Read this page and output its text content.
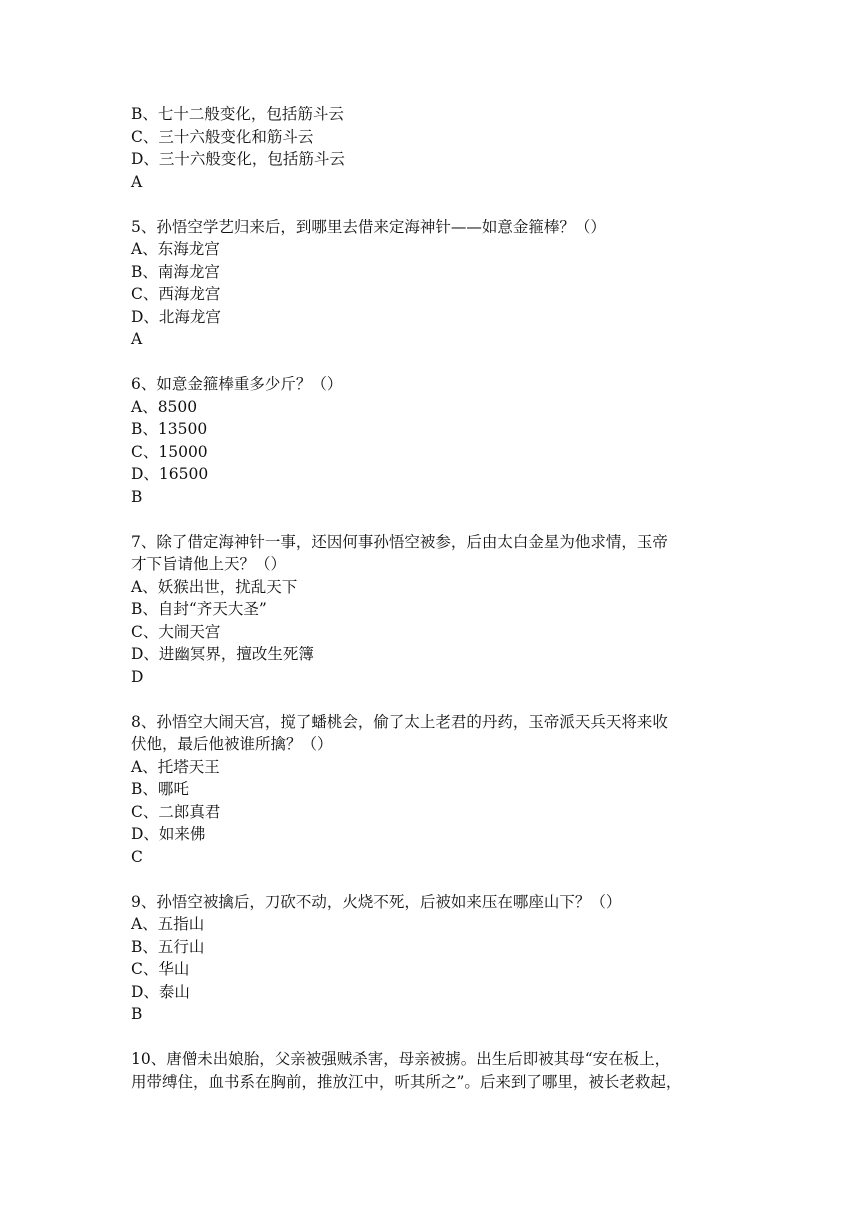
B、七十二般变化，包括筋斗云
C、三十六般变化和筋斗云
D、三十六般变化，包括筋斗云
A
5、孙悟空学艺归来后，到哪里去借来定海神针——如意金箍棒？（）
A、东海龙宫
B、南海龙宫
C、西海龙宫
D、北海龙宫
A
6、如意金箍棒重多少斤？（）
A、8500
B、13500
C、15000
D、16500
B
7、除了借定海神针一事，还因何事孙悟空被参，后由太白金星为他求情，玉帝
才下旨请他上天？（）
A、妖猴出世，扰乱天下
B、自封“齐天大圣”
C、大闹天宫
D、进幽冥界，擅改生死簿
D
8、孙悟空大闹天宫，搅了蟠桃会，偷了太上老君的丹药，玉帝派天兵天将来收
伏他，最后他被谁所擒？（）
A、托塔天王
B、哪吒
C、二郎真君
D、如来佛
C
9、孙悟空被擒后，刀砍不动，火烧不死，后被如来压在哪座山下？（）
A、五指山
B、五行山
C、华山
D、泰山
B
10、唐僧未出娘胎，父亲被强贼杀害，母亲被掳。出生后即被其母“安在板上，
用带缚住，血书系在胸前，推放江中，听其所之”。后来到了哪里，被长老救起，
